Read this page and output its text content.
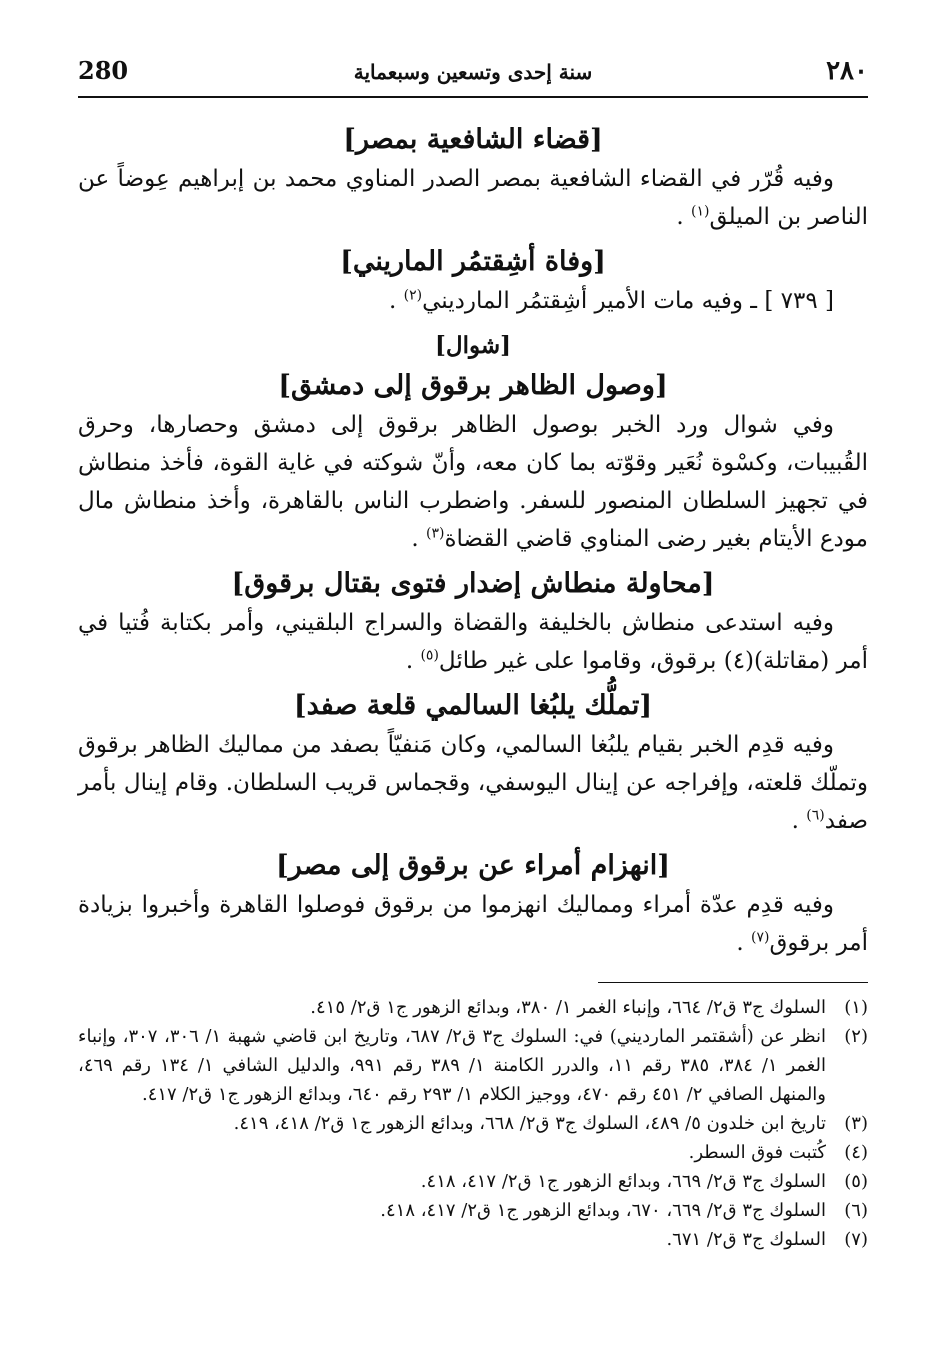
٢٨٠
سنة إحدى وتسعين وسبعماية
280
[قضاء الشافعية بمصر]

وفيه قُرّر في القضاء الشافعية بمصر الصدر المناوي محمد بن إبراهيم عِوضاً عن الناصر بن الميلق$^{(١)}$ .

[وفاة أشِقتمُر الماريني]

[ ٧٣٩ ] ـ وفيه مات الأمير أشِقتمُر المارديني$^{(٢)}$ .

[شوال]
[وصول الظاهر برقوق إلى دمشق]

وفي شوال ورد الخبر بوصول الظاهر برقوق إلى دمشق وحصارها، وحرق القُبيبات، وكسْوة نُعَير وقوّته بما كان معه، وأنّ شوكته في غاية القوة، فأخذ منطاش في تجهيز السلطان المنصور للسفر. واضطرب الناس بالقاهرة، وأخذ منطاش مال مودع الأيتام بغير رضى المناوي قاضي القضاة$^{(٣)}$ .

[محاولة منطاش إضدار فتوى بقتال برقوق]

وفيه استدعى منطاش بالخليفة والقضاة والسراج البلقيني، وأمر بكتابة فُتيا في أمر (مقاتلة)(٤) برقوق، وقاموا على غير طائل$^{(٥)}$ .

[تملُّك يلبُغا السالمي قلعة صفد]

وفيه قدِم الخبر بقيام يلبُغا السالمي، وكان مَنفيّاً بصفد من مماليك الظاهر برقوق وتملّك قلعته، وإفراجه عن إينال اليوسفي، وقجماس قريب السلطان. وقام إينال بأمر صفد$^{(٦)}$ .

[انهزام أمراء عن برقوق إلى مصر]

وفيه قدِم عدّة أمراء ومماليك انهزموا من برقوق فوصلوا القاهرة وأخبروا بزيادة أمر برقوق$^{(٧)}$ .

(١)
السلوك ج٣ ق٢/ ٦٦٤، وإنباء الغمر ١/ ٣٨٠، وبدائع الزهور ج١ ق٢/ ٤١٥.
(٢)
انظر عن (أشقتمر المارديني) في: السلوك ج٣ ق٢/ ٦٨٧، وتاريخ ابن قاضي شهبة ١/ ٣٠٦، ٣٠٧، وإنباء الغمر ١/ ٣٨٤، ٣٨٥ رقم ١١، والدرر الكامنة ١/ ٣٨٩ رقم ٩٩١، والدليل الشافي ١/ ١٣٤ رقم ٤٦٩، والمنهل الصافي ٢/ ٤٥١ رقم ٤٧٠، ووجيز الكلام ١/ ٢٩٣ رقم ٦٤٠، وبدائع الزهور ج١ ق٢/ ٤١٧.
(٣)
تاريخ ابن خلدون ٥/ ٤٨٩، السلوك ج٣ ق٢/ ٦٦٨، وبدائع الزهور ج١ ق٢/ ٤١٨، ٤١٩.
(٤)
كُتبت فوق السطر.
(٥)
السلوك ج٣ ق٢/ ٦٦٩، وبدائع الزهور ج١ ق٢/ ٤١٧، ٤١٨.
(٦)
السلوك ج٣ ق٢/ ٦٦٩، ٦٧٠، وبدائع الزهور ج١ ق٢/ ٤١٧، ٤١٨.
(٧)
السلوك ج٣ ق٢/ ٦٧١.
